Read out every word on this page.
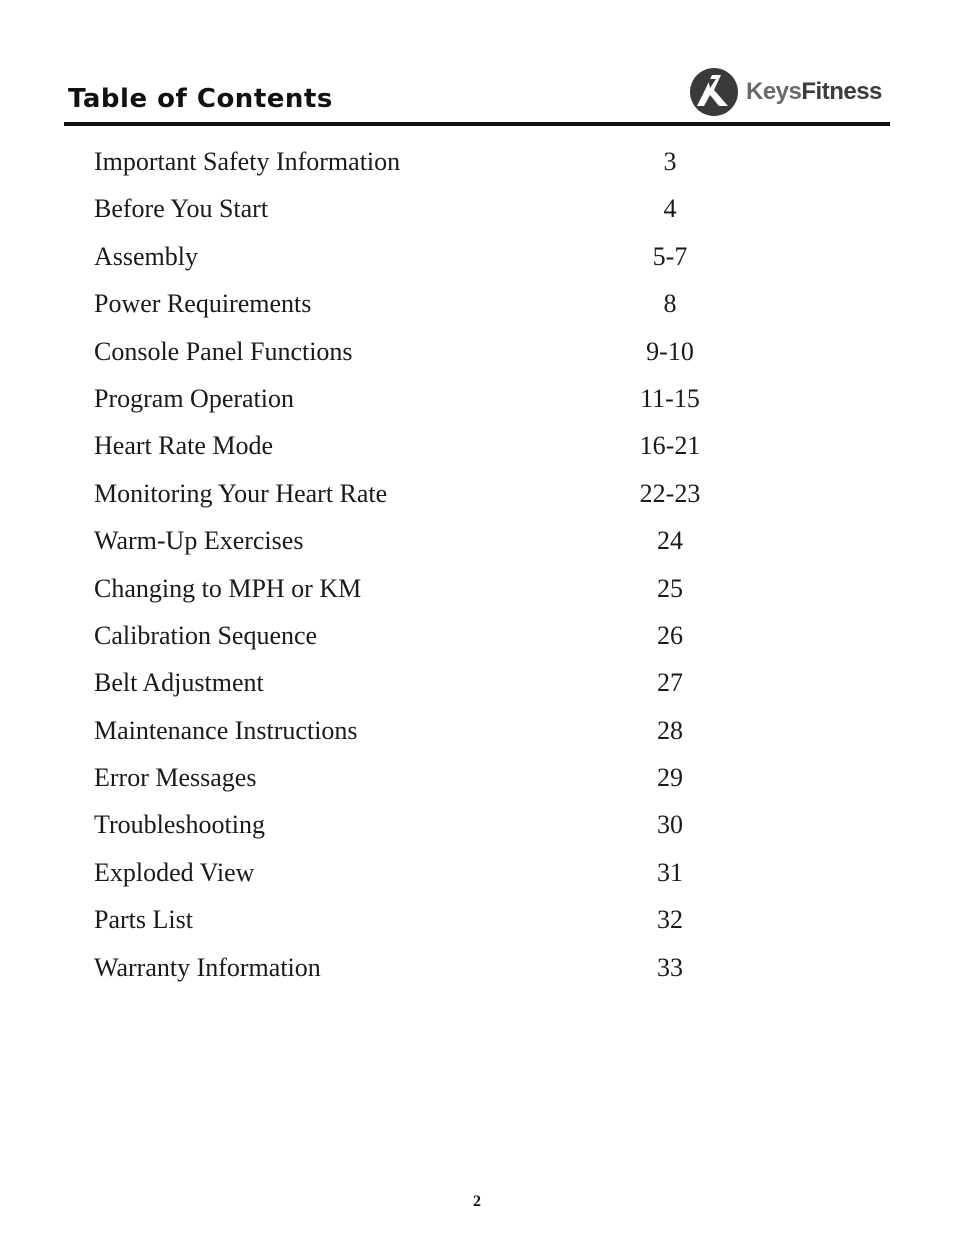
Table of Contents	KeysFitness
Important Safety Information	3
Before You Start	4
Assembly	5-7
Power Requirements	8
Console Panel Functions	9-10
Program Operation	11-15
Heart Rate Mode	16-21
Monitoring Your Heart Rate	22-23
Warm-Up Exercises	24
Changing to MPH or KM	25
Calibration Sequence	26
Belt Adjustment	27
Maintenance Instructions	28
Error Messages	29
Troubleshooting	30
Exploded View	31
Parts List	32
Warranty Information	33
2
